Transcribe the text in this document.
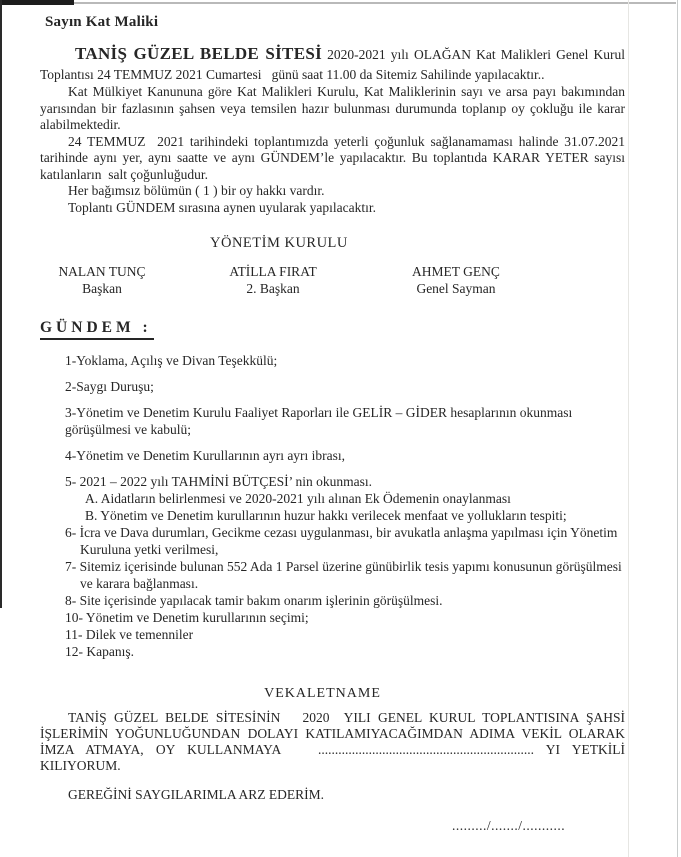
Sayın Kat Maliki

TANİŞ GÜZEL BELDE SİTESİ 2020-2021 yılı OLAĞAN Kat Malikleri Genel Kurul Toplantısı 24 TEMMUZ 2021 Cumartesi   günü saat 11.00 da Sitemiz Sahilinde yapılacaktır..

Kat Mülkiyet Kanununa göre Kat Malikleri Kurulu, Kat Maliklerinin sayı ve arsa payı bakımından yarısından bir fazlasının şahsen veya temsilen hazır bulunması durumunda toplanıp oy çokluğu ile karar alabilmektedir.

24 TEMMUZ  2021 tarihindeki toplantımızda yeterli çoğunluk sağlanamaması halinde 31.07.2021 tarihinde aynı yer, aynı saatte ve aynı GÜNDEM’le yapılacaktır. Bu toplantıda KARAR YETER sayısı katılanların  salt çoğunluğudur.

Her bağımsız bölümün ( 1 ) bir oy hakkı vardır.

Toplantı GÜNDEM sırasına aynen uyularak yapılacaktır.

YÖNETİM KURULU

NALAN TUNÇ
Başkan
ATİLLA FIRAT
2. Başkan
AHMET GENÇ
Genel Sayman

GÜNDEM :

1-Yoklama, Açılış ve Divan Teşekkülü;

2-Saygı Duruşu;

3-Yönetim ve Denetim Kurulu Faaliyet Raporları ile GELİR – GİDER hesaplarının okunması görüşülmesi ve kabulü;

4-Yönetim ve Denetim Kurullarının ayrı ayrı ibrası,

5- 2021 – 2022 yılı TAHMİNİ BÜTÇESİ’ nin okunması.

A. Aidatların belirlenmesi ve 2020-2021 yılı alınan Ek Ödemenin onaylanması

B. Yönetim ve Denetim kurullarının huzur hakkı verilecek menfaat ve yollukların tespiti;

6- İcra ve Dava durumları, Gecikme cezası uygulanması, bir avukatla anlaşma yapılması için Yönetim Kuruluna yetki verilmesi,

7- Sitemiz içerisinde bulunan 552 Ada 1 Parsel üzerine günübirlik tesis yapımı konusunun görüşülmesi ve karara bağlanması.

8- Site içerisinde yapılacak tamir bakım onarım işlerinin görüşülmesi.

10- Yönetim ve Denetim kurullarının seçimi;

11- Dilek ve temenniler

12- Kapanış.

VEKALETNAME

TANİŞ GÜZEL BELDE SİTESİNİN   2020  YILI GENEL KURUL TOPLANTISINA ŞAHSİ İŞLERİMİN YOĞUNLUĞUNDAN DOLAYI KATILAMIYACAĞIMDAN ADIMA VEKİL OLARAK İMZA ATMAYA, OY KULLANMAYA   ................................................................ YI YETKİLİ KILIYORUM.

GEREĞİNİ SAYGILARIMLA ARZ EDERİM.

........./......./...........
